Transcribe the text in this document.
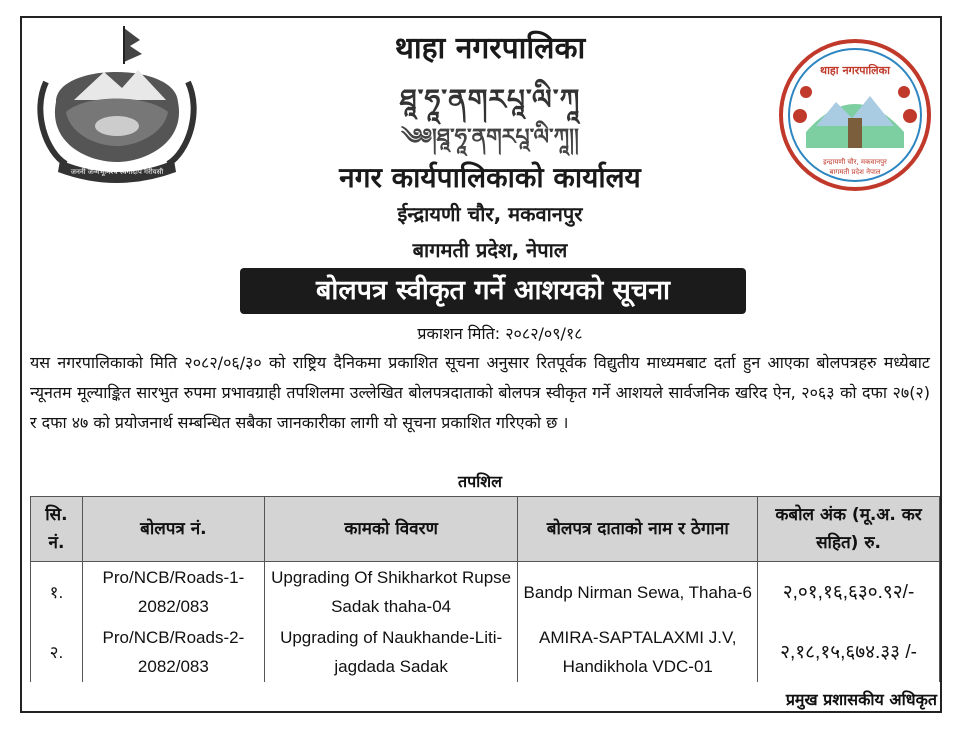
जननी जन्मभूमिश्च स्वर्गादपि गरीयसी
थाहा नगरपालिका
इन्द्रायणी चौर, मकवानपुर
बागमती प्रदेश नेपाल
थाहा नगरपालिका
ཐཱ་ཧཱ་ནགརཔཱ་ལི་ཀཱ
༄༅།ཐཱ་ཧཱ་ནགརཔཱ་ལི་ཀཱ།།
नगर कार्यपालिकाको कार्यालय
ईन्द्रायणी चौर, मकवानपुर
बागमती प्रदेश, नेपाल
बोलपत्र स्वीकृत गर्ने आशयको सूचना
प्रकाशन मिति: २०८२/०९/१८
यस नगरपालिकाको मिति २०८२/०६/३० को राष्ट्रिय दैनिकमा प्रकाशित सूचना अनुसार रितपूर्वक विद्युतीय माध्यमबाट दर्ता हुन आएका बोलपत्रहरु मध्येबाट न्यूनतम मूल्याङ्कित सारभुत रुपमा प्रभावग्राही तपशिलमा उल्लेखित बोलपत्रदाताको बोलपत्र स्वीकृत गर्ने आशयले सार्वजनिक खरिद ऐन, २०६३ को दफा २७(२) र दफा ४७ को प्रयोजनार्थ सम्बन्धित सबैका जानकारीका लागी यो सूचना प्रकाशित गरिएको छ ।
तपशिल
सि. नं.	बोलपत्र नं.	कामको विवरण	बोलपत्र दाताको नाम र ठेगाना	कबोल अंक (मू.अ. कर सहित) रु.
१.	Pro/NCB/Roads-1-2082/083	Upgrading Of Shikharkot Rupse Sadak thaha-04	Bandp Nirman Sewa, Thaha-6	२,०१,१६,६३०.९२/-
२.	Pro/NCB/Roads-2-2082/083	Upgrading of Naukhande-Liti-jagdada Sadak	AMIRA-SAPTALAXMI J.V, Handikhola VDC-01	२,१८,१५,६७४.३३ /-
प्रमुख प्रशासकीय अधिकृत
